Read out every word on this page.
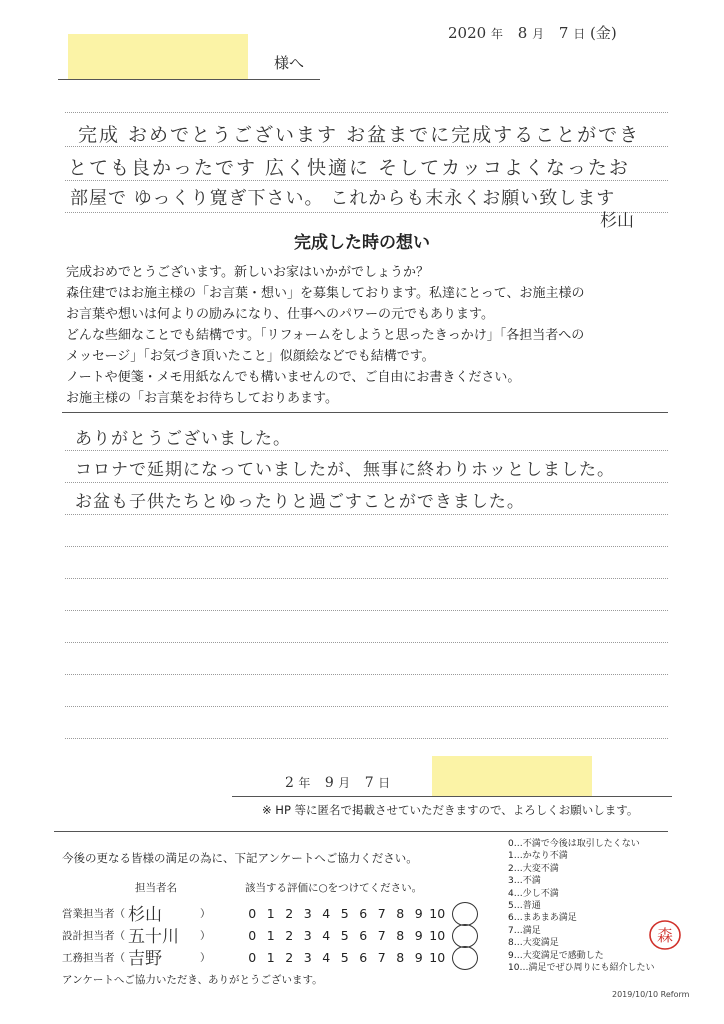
2020 年 8 月 7 日 (金)
様へ
完成 おめでとうございます お盆までに完成することができ
とても良かったです 広く快適に そしてカッコよくなったお
部屋で ゆっくり寛ぎ下さい。 これからも末永くお願い致します
杉山
完成した時の想い
完成おめでとうございます。新しいお家はいかがでしょうか？
森住建ではお施主様の「お言葉・想い」を募集しております。私達にとって、お施主様の
お言葉や想いは何よりの励みになり、仕事へのパワーの元でもあります。
どんな些細なことでも結構です。「リフォームをしようと思ったきっかけ」「各担当者への
メッセージ」「お気づき頂いたこと」似顔絵などでも結構です。
ノートや便箋・メモ用紙なんでも構いませんので、ご自由にお書きください。
お施主様の「お言葉をお待ちしておりあます。
ありがとうございました。
コロナで延期になっていましたが、無事に終わりホッとしました。
お盆も子供たちとゆったりと過ごすことができました。
2 年 9 月 7 日
※ HP 等に匿名で掲載させていただきますので、よろしくお願いします。
今後の更なる皆様の満足の為に、下記アンケートへご協力ください。
担当者名	該当する評価に○をつけてください。
営業担当者（ 杉山	）	0 1 2 3 4 5 6 7 8 9 10
設計担当者（ 五十川 ）	0 1 2 3 4 5 6 7 8 9 10
工務担当者（ 吉野	）	0 1 2 3 4 5 6 7 8 9 10
アンケートへご協力いただき、ありがとうございます。
0…不満で今後は取引したくない
1…かなり不満
2…大変不満
3…不満
4…少し不満
5…普通
6…まあまあ満足
7…満足
8…大変満足
9…大変満足で感動した
10…満足でぜひ周りにも紹介したい
森
2019/10/10 Reform
